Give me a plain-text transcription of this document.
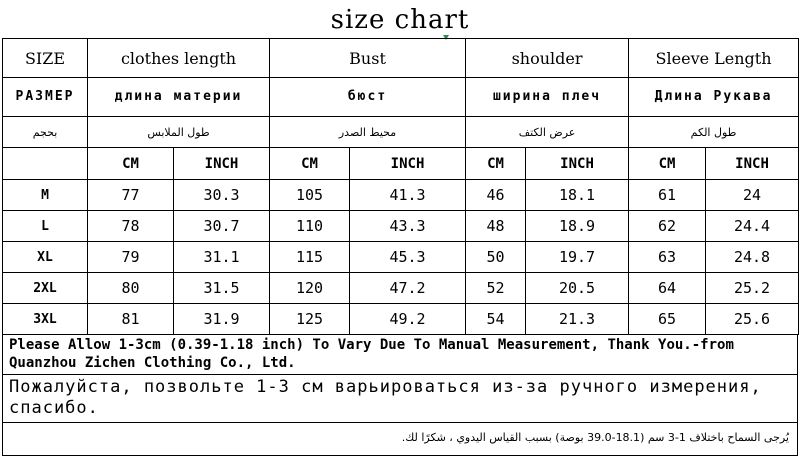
size chart
SIZE	clothes length		Bust		shoulder		Sleeve Length	
РАЗМЕР	длина материи		бюст		ширина плеч		Длина Рукава	
بحجم	طول الملابس		محيط الصدر		عرض الكتف		طول الكم	
	CM	INCH	CM	INCH	CM	INCH	CM	INCH
M	77	30.3	105	41.3	46	18.1	61	24
L	78	30.7	110	43.3	48	18.9	62	24.4
XL	79	31.1	115	45.3	50	19.7	63	24.8
2XL	80	31.5	120	47.2	52	20.5	64	25.2
3XL	81	31.9	125	49.2	54	21.3	65	25.6
Please Allow 1-3cm (0.39-1.18 inch) To Vary Due To Manual Measurement, Thank You.-from Quanzhou Zichen Clothing Co., Ltd.
Пожалуйста, позвольте 1-3 см варьироваться из-за ручного измерения, спасибо.
يُرجى السماح باختلاف 1-3 سم (18.1-39.0 بوصة) بسبب القياس اليدوي ، شكرًا لك.
